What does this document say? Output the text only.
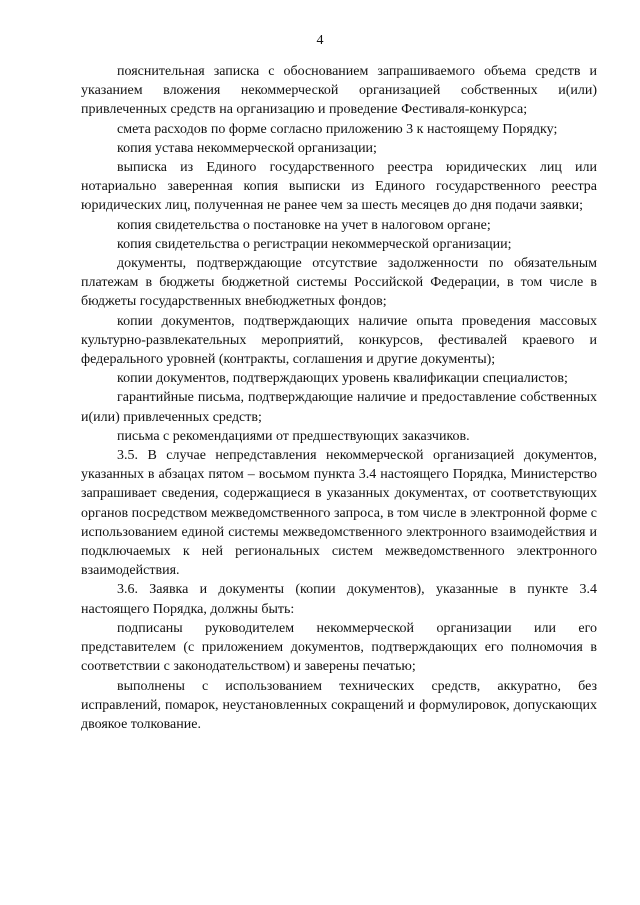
4

пояснительная записка с обоснованием запрашиваемого объема средств и указанием вложения некоммерческой организацией собственных и(или) привлеченных средств на организацию и проведение Фестиваля-конкурса;

смета расходов по форме согласно приложению 3 к настоящему Порядку;

копия устава некоммерческой организации;

выписка из Единого государственного реестра юридических лиц или нотариально заверенная копия выписки из Единого государственного реестра юридических лиц, полученная не ранее чем за шесть месяцев до дня подачи заявки;

копия свидетельства о постановке на учет в налоговом органе;

копия свидетельства о регистрации некоммерческой организации;

документы, подтверждающие отсутствие задолженности по обязательным платежам в бюджеты бюджетной системы Российской Федерации, в том числе в бюджеты государственных внебюджетных фондов;

копии документов, подтверждающих наличие опыта проведения массовых культурно-развлекательных мероприятий, конкурсов, фестивалей краевого и федерального уровней (контракты, соглашения и другие документы);

копии документов, подтверждающих уровень квалификации специалистов;

гарантийные письма, подтверждающие наличие и предоставление собственных и(или) привлеченных средств;

письма с рекомендациями от предшествующих заказчиков.

3.5. В случае непредставления некоммерческой организацией документов, указанных в абзацах пятом – восьмом пункта 3.4 настоящего Порядка, Министерство запрашивает сведения, содержащиеся в указанных документах, от соответствующих органов посредством межведомственного запроса, в том числе в электронной форме с использованием единой системы межведомственного электронного взаимодействия и подключаемых к ней региональных систем межведомственного электронного взаимодействия.

3.6. Заявка и документы (копии документов), указанные в пункте 3.4 настоящего Порядка, должны быть:

подписаны руководителем некоммерческой организации или его представителем (с приложением документов, подтверждающих его полномочия в соответствии с законодательством) и заверены печатью;

выполнены с использованием технических средств, аккуратно, без исправлений, помарок, неустановленных сокращений и формулировок, допускающих двоякое толкование.
